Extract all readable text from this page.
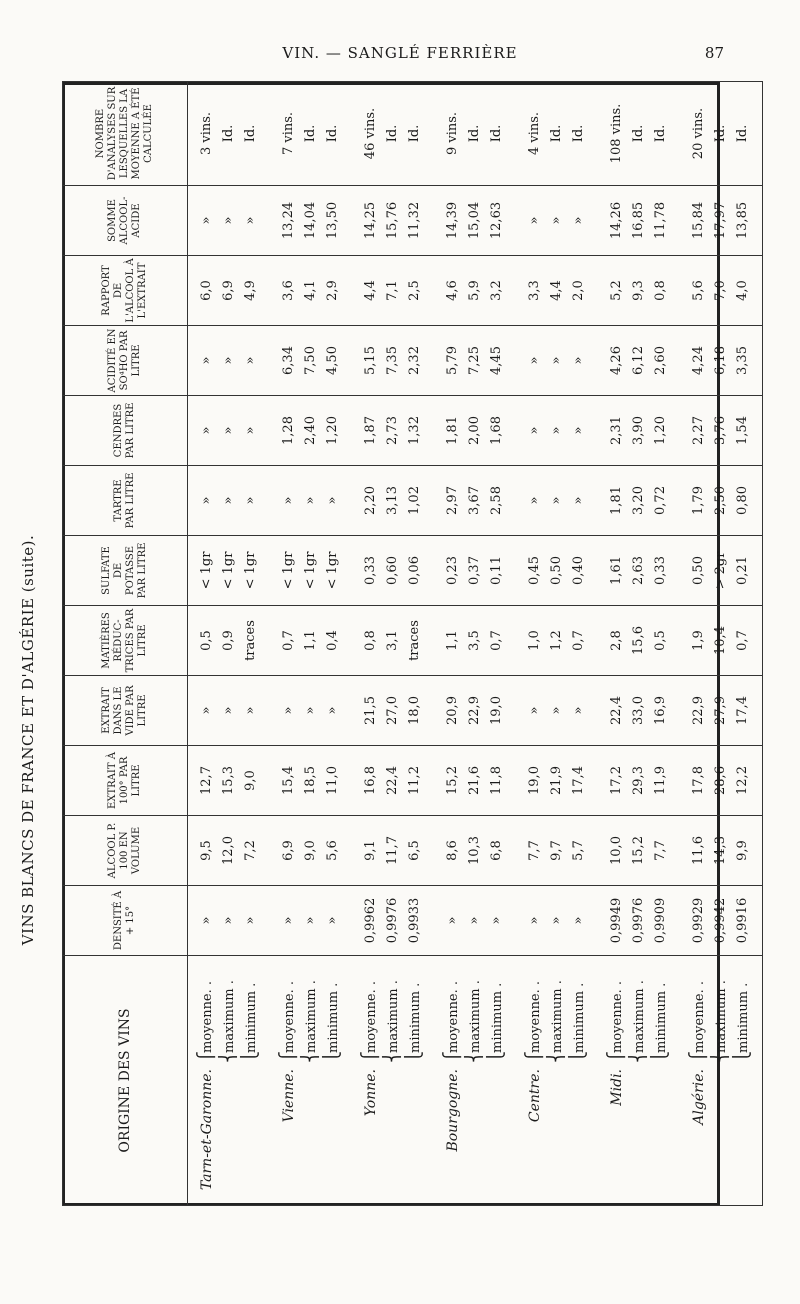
VIN. — SANGLÉ FERRIÈRE	87
VINS BLANCS DE FRANCE ET D'ALGÉRIE (suite).
ORIGINE DES VINS	DENSITÉ À + 15°	ALCOOL P. 100 EN VOLUME	EXTRAIT À 100° PAR LITRE	EXTRAIT DANS LE VIDE PAR LITRE	MATIÈRES RÉDUC- TRICES PAR LITRE	SULFATE DE POTASSE PAR LITRE	TARTRE PAR LITRE	CENDRES PAR LITRE	ACIDITÉ EN SO⁴HO PAR LITRE	RAPPORT DE L'ALCOOL À L'EXTRAIT	SOMME ALCOOL- ACIDE	NOMBRE D'ANALYSES SUR LESQUELLES LA MOYENNE A ÉTÉ CALCULÉE
Tarn-et-Garonne.⎧moyenne. .	»	9,5	12,7	»	0,5	< 1gr	»	»	»	6,0	»	3 vins.
⎨maximum .	»	12,0	15,3	»	0,9	< 1gr	»	»	»	6,9	»	Id.
⎩minimum .	»	7,2	9,0	»	traces	< 1gr	»	»	»	4,9	»	Id.
Vienne.⎧moyenne. .	»	6,9	15,4	»	0,7	< 1gr	»	1,28	6,34	3,6	13,24	7 vins.
⎨maximum .	»	9,0	18,5	»	1,1	< 1gr	»	2,40	7,50	4,1	14,04	Id.
⎩minimum .	»	5,6	11,0	»	0,4	< 1gr	»	1,20	4,50	2,9	13,50	Id.
Yonne.⎧moyenne. .	0,9962	9,1	16,8	21,5	0,8	0,33	2,20	1,87	5,15	4,4	14,25	46 vins.
⎨maximum .	0,9976	11,7	22,4	27,0	3,1	0,60	3,13	2,73	7,35	7,1	15,76	Id.
⎩minimum .	0,9933	6,5	11,2	18,0	traces	0,06	1,02	1,32	2,32	2,5	11,32	Id.
Bourgogne.⎧moyenne. .	»	8,6	15,2	20,9	1,1	0,23	2,97	1,81	5,79	4,6	14,39	9 vins.
⎨maximum .	»	10,3	21,6	22,9	3,5	0,37	3,67	2,00	7,25	5,9	15,04	Id.
⎩minimum .	»	6,8	11,8	19,0	0,7	0,11	2,58	1,68	4,45	3,2	12,63	Id.
Centre.⎧moyenne. .	»	7,7	19,0	»	1,0	0,45	»	»	»	3,3	»	4 vins.
⎨maximum .	»	9,7	21,9	»	1,2	0,50	»	»	»	4,4	»	Id.
⎩minimum .	»	5,7	17,4	»	0,7	0,40	»	»	»	2,0	»	Id.
Midi.⎧moyenne. .	0,9949	10,0	17,2	22,4	2,8	1,61	1,81	2,31	4,26	5,2	14,26	108 vins.
⎨maximum .	0,9976	15,2	29,3	33,0	15,6	2,63	3,20	3,90	6,12	9,3	16,85	Id.
⎩minimum .	0,9909	7,7	11,9	16,9	0,5	0,33	0,72	1,20	2,60	0,8	11,78	Id.
Algérie.⎧moyenne. .	0,9929	11,6	17,8	22,9	1,9	0,50	1,79	2,27	4,24	5,6	15,84	20 vins.
⎨maximum .	0,9942	14,3	28,6	27,9	10,4	> 2gr	2,50	3,76	6,18	7,0	17,97	Id.
⎩minimum .	0,9916	9,9	12,2	17,4	0,7	0,21	0,80	1,54	3,35	4,0	13,85	Id.
